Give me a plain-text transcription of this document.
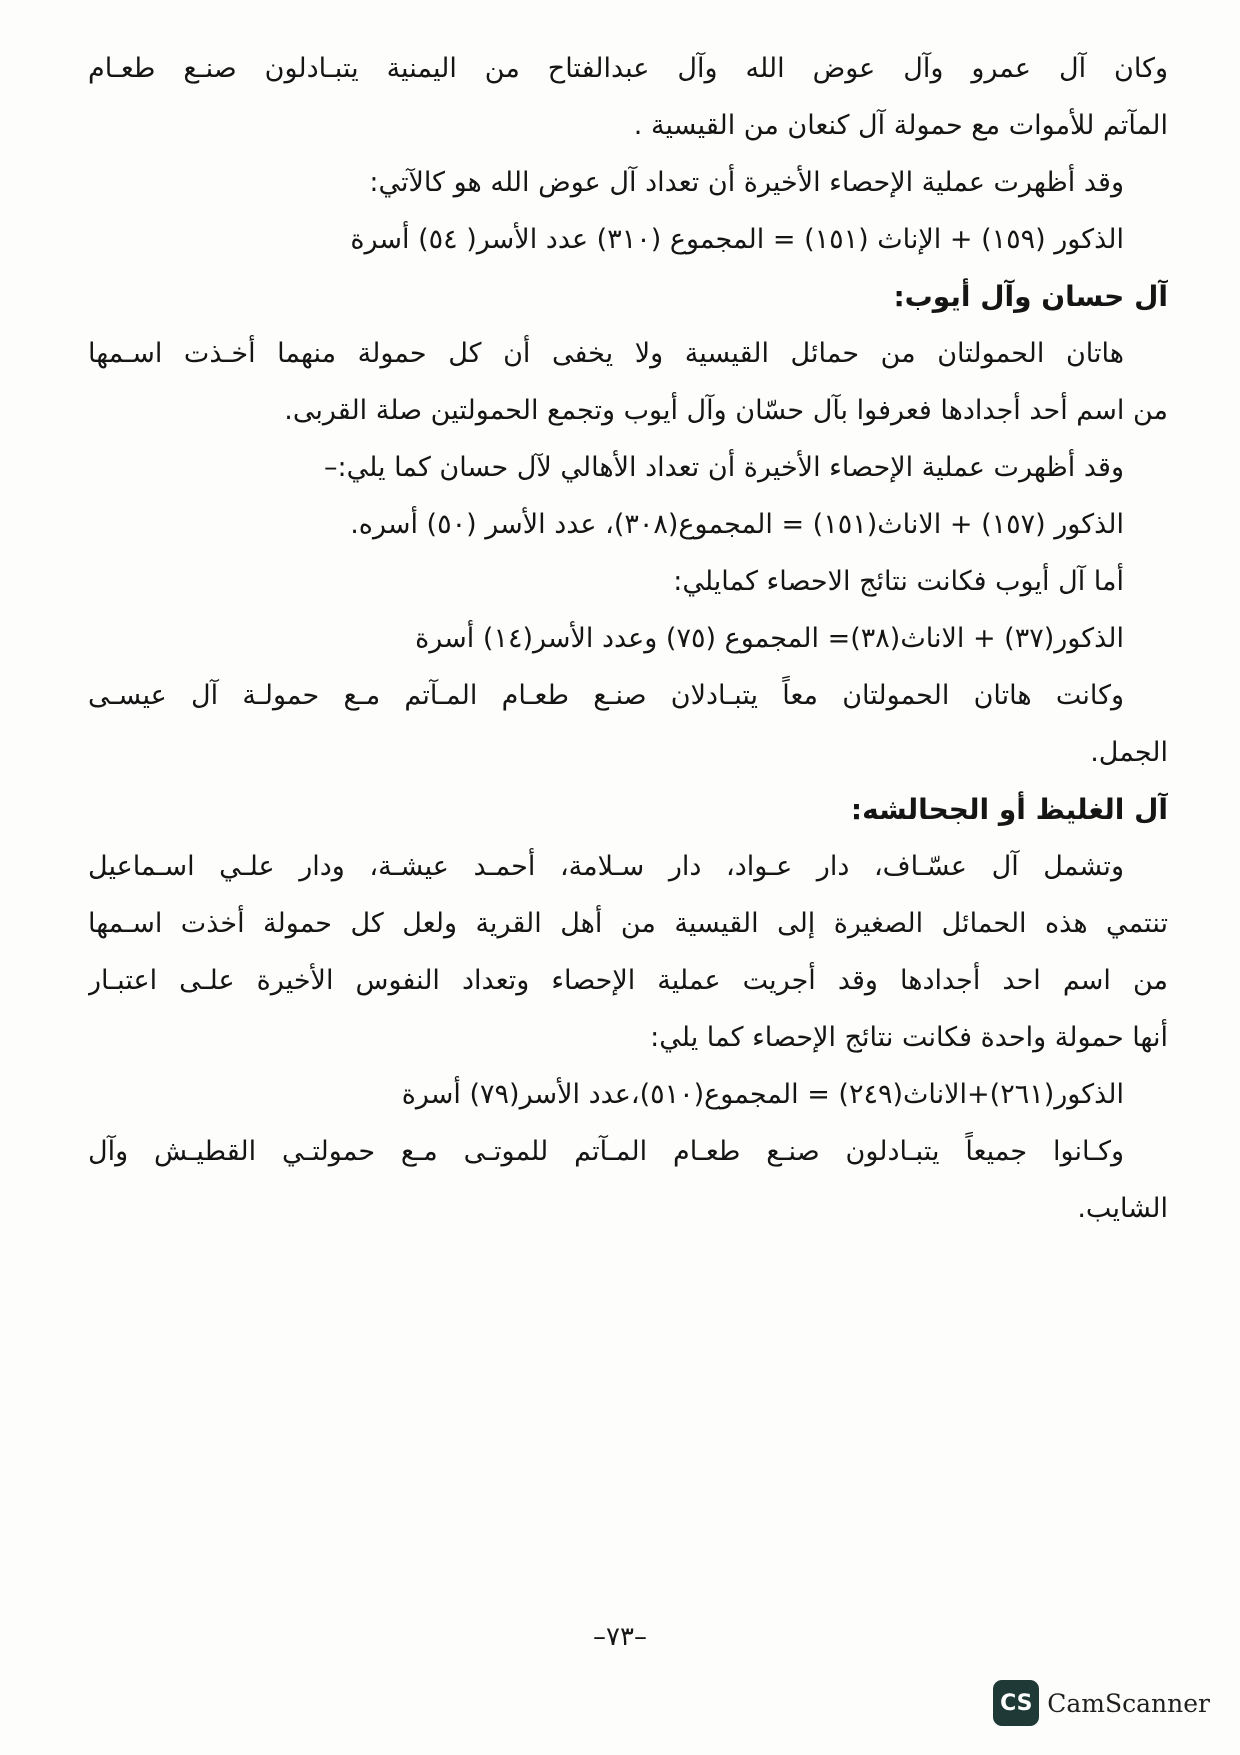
وكان آل عمرو وآل عوض الله وآل عبدالفتاح من اليمنية يتبـادلون صنـع طعـام
المآتم للأموات مع حمولة آل كنعان من القيسية .
وقد أظهرت عملية الإحصاء الأخيرة أن تعداد آل عوض الله هو كالآتي:
الذكور (١٥٩) + الإناث (١٥١) = المجموع (٣١٠) عدد الأسر( ٥٤) أسرة
آل حسان وآل أيوب:
هاتان الحمولتان من حمائل القيسية ولا يخفى أن كل حمولة منهما أخـذت اسـمها
من اسم أحد أجدادها فعرفوا بآل حسّان وآل أيوب وتجمع الحمولتين صلة القربى.
وقد أظهرت عملية الإحصاء الأخيرة أن تعداد الأهالي لآل حسان كما يلي:–
الذكور (١٥٧) + الاناث(١٥١) = المجموع(٣٠٨)، عدد الأسر (٥٠) أسره.
أما آل أيوب فكانت نتائج الاحصاء كمايلي:
الذكور(٣٧) + الاناث(٣٨)= المجموع (٧٥) وعدد الأسر(١٤) أسرة
وكانت هاتان الحمولتان معاً يتبـادلان صنـع طعـام المـآتم مـع حمولـة آل عيسـى
الجمل.
آل الغليظ أو الجحالشه:
وتشمل آل عسّـاف، دار عـواد، دار سـلامة، أحمـد عيشـة، ودار علـي اسـماعيل
تنتمي هذه الحمائل الصغيرة إلى القيسية من أهل القرية ولعل كل حمولة أخذت اسـمها
من اسم احد أجدادها وقد أجريت عملية الإحصاء وتعداد النفوس الأخيرة علـى اعتبـار
أنها حمولة واحدة فكانت نتائج الإحصاء كما يلي:
الذكور(٢٦١)+الاناث(٢٤٩) = المجموع(٥١٠)،عدد الأسر(٧٩) أسرة
وكـانوا جميعاً يتبـادلون صنـع طعـام المـآتم للموتـى مـع حمولتـي القطيـش وآل
الشايب.
–٧٣–
CS CamScanner
